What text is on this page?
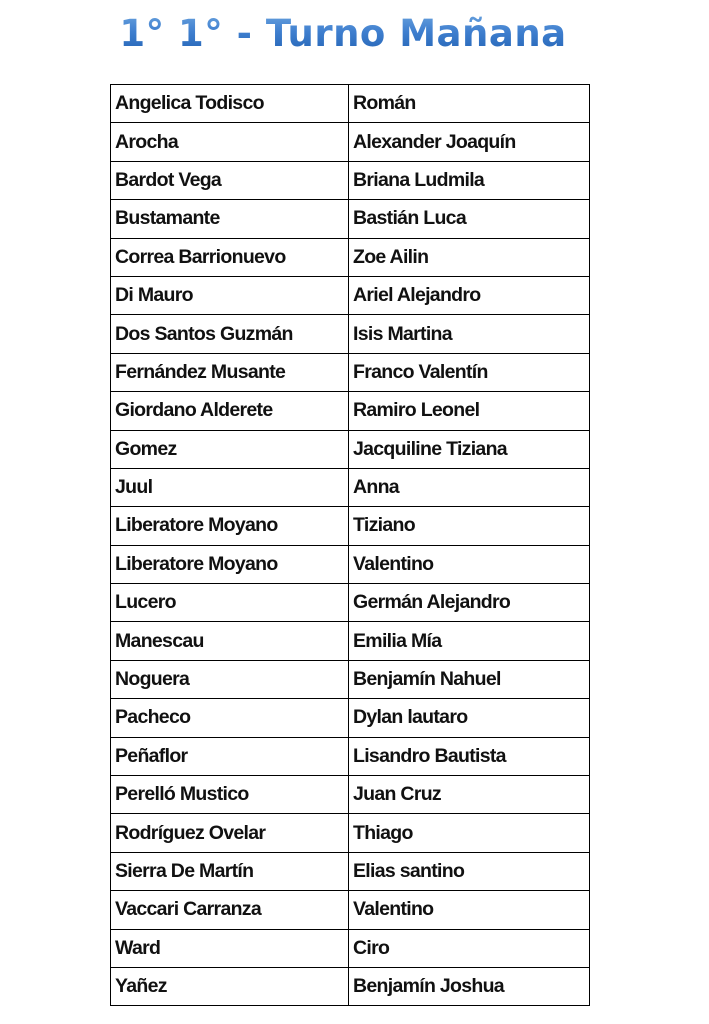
1° 1° - Turno Mañana
Angelica Todisco	Román
Arocha	Alexander Joaquín
Bardot Vega	Briana Ludmila
Bustamante	Bastián Luca
Correa Barrionuevo	Zoe Ailin
Di Mauro	Ariel Alejandro
Dos Santos Guzmán	Isis Martina
Fernández Musante	Franco Valentín
Giordano Alderete	Ramiro Leonel
Gomez	Jacquiline Tiziana
Juul	Anna
Liberatore Moyano	Tiziano
Liberatore Moyano	Valentino
Lucero	Germán Alejandro
Manescau	Emilia Mía
Noguera	Benjamín Nahuel
Pacheco	Dylan lautaro
Peñaflor	Lisandro Bautista
Perelló Mustico	Juan Cruz
Rodríguez Ovelar	Thiago
Sierra De Martín	Elias santino
Vaccari Carranza	Valentino
Ward	Ciro
Yañez	Benjamín Joshua
